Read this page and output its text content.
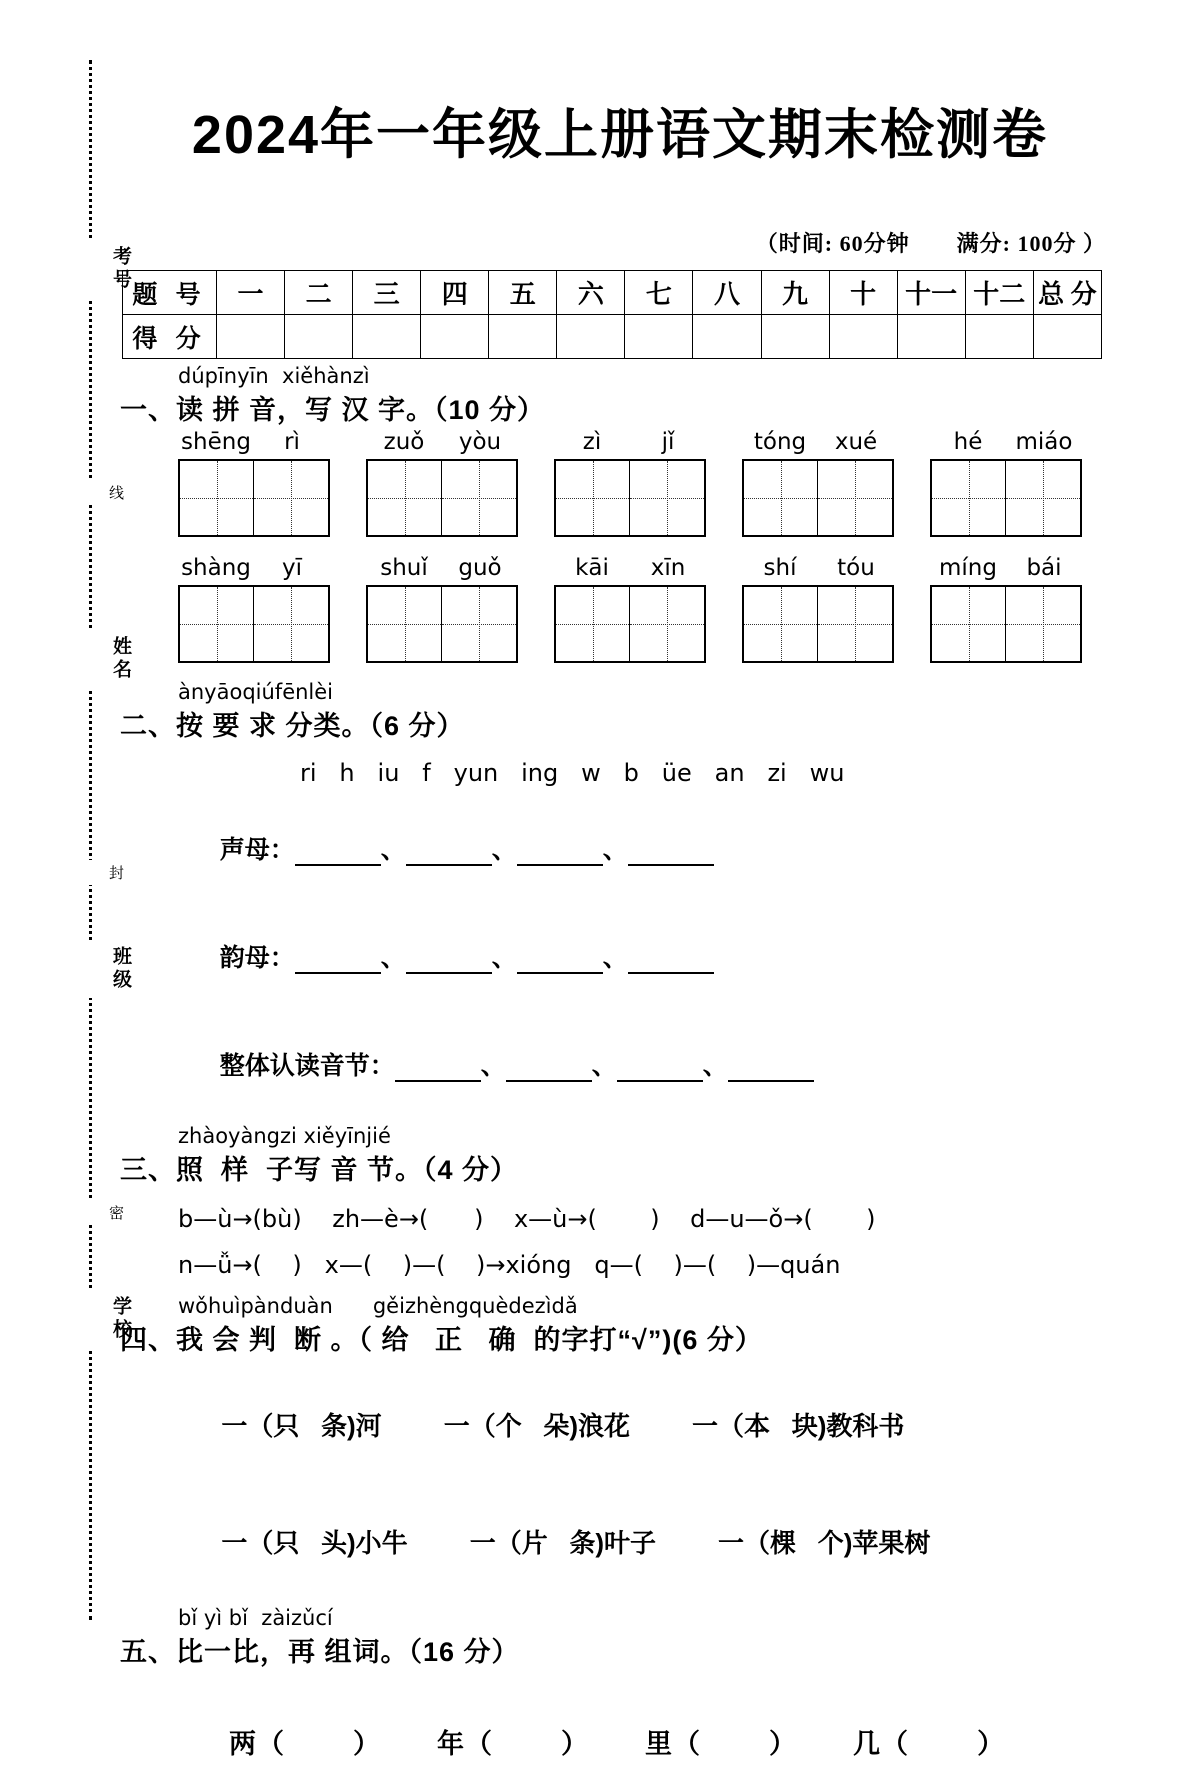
考号
线
姓名
封
班级
密
学校
2024年一年级上册语文期末检测卷
（时间: 60分钟 满分: 100分 ）
题 号	一	二	三	四	五	六	七	八	九	十	十一	十二	总 分
得 分													
dúpīnyīn  xiěhànzì
一、读 拼 音，写 汉 字。（10 分）
shēng	rì	zuǒ	yòu	zì	jǐ	tóng	xué	hé	miáo
shàng	yī	shuǐ	guǒ	kāi	xīn	shí	tóu	míng	bái
ànyāoqiúfēnlèi
二、按 要 求 分类。（6 分）
ri   h   iu   f   yun   ing   w   b   üe   an   zi   wu

声母：	、	、	、

韵母：	、	、	、

整体认读音节：	、	、	、

zhàoyàngzi xiěyīnjié
三、照  样  子写 音 节。（4 分）
b—ù→(bù)    zh—è→(      )    x—ù→(       )    d—u—ǒ→(       )
n—ǚ→(    )   x—(    )—(    )→xióng   q—(    )—(    )—quán
wǒhuìpànduàn      gěizhèngquèdezìdǎ
四、我 会 判  断 。（ 给   正   确  的字打“√”)(6 分）

一（只   条)河 一（个   朵)浪花 一（本   块)教科书

一（只   头)小牛 一（片   条)叶子 一（棵   个)苹果树

bǐ yì bǐ  zàizǔcí
五、比一比，再 组词。（16 分）

两（        ） 年（        ） 里（        ） 几（        ）
